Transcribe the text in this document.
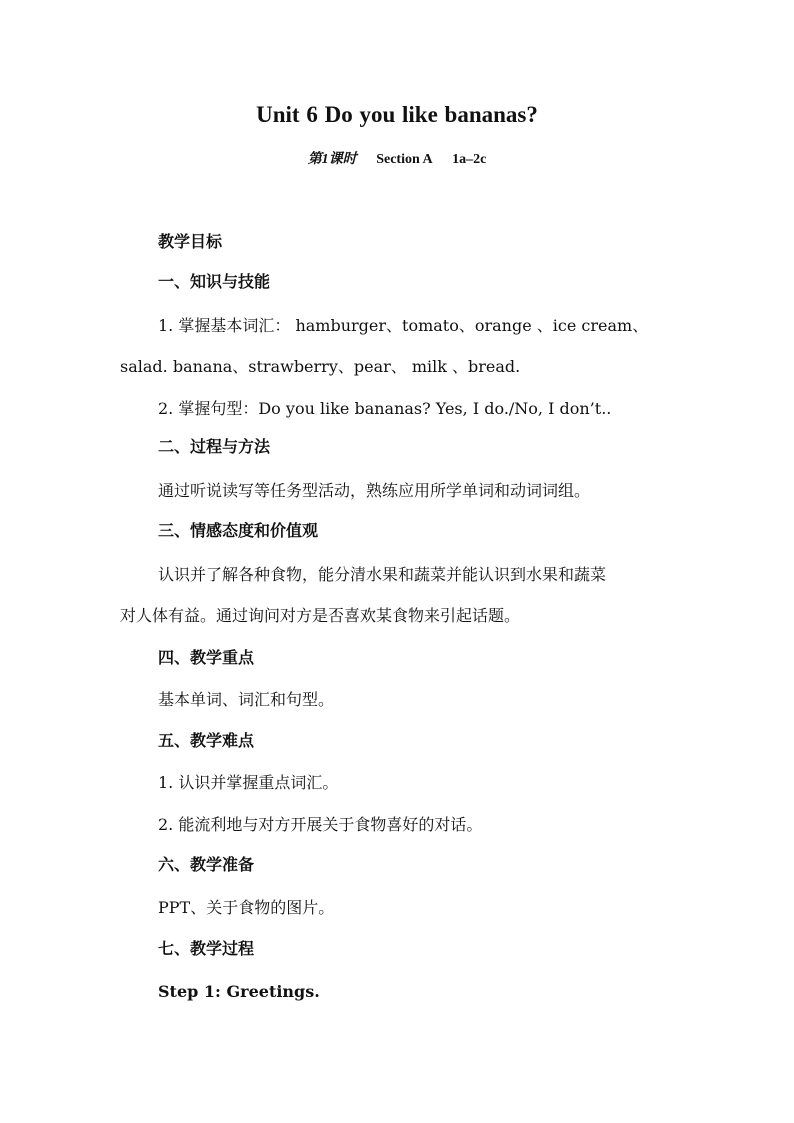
Unit 6 Do you like bananas?
第1课时 Section A 1a–2c
教学目标
一、知识与技能
1. 掌握基本词汇： hamburger、tomato、orange 、ice cream、
salad. banana、strawberry、pear、 milk 、bread.
2. 掌握句型：Do you like bananas? Yes, I do./No, I don’t..
二、过程与方法
通过听说读写等任务型活动，熟练应用所学单词和动词词组。
三、情感态度和价值观
认识并了解各种食物，能分清水果和蔬菜并能认识到水果和蔬菜
对人体有益。通过询问对方是否喜欢某食物来引起话题。
四、教学重点
基本单词、词汇和句型。
五、教学难点
1. 认识并掌握重点词汇。
2. 能流利地与对方开展关于食物喜好的对话。
六、教学准备
PPT、关于食物的图片。
七、教学过程
Step 1: Greetings.
